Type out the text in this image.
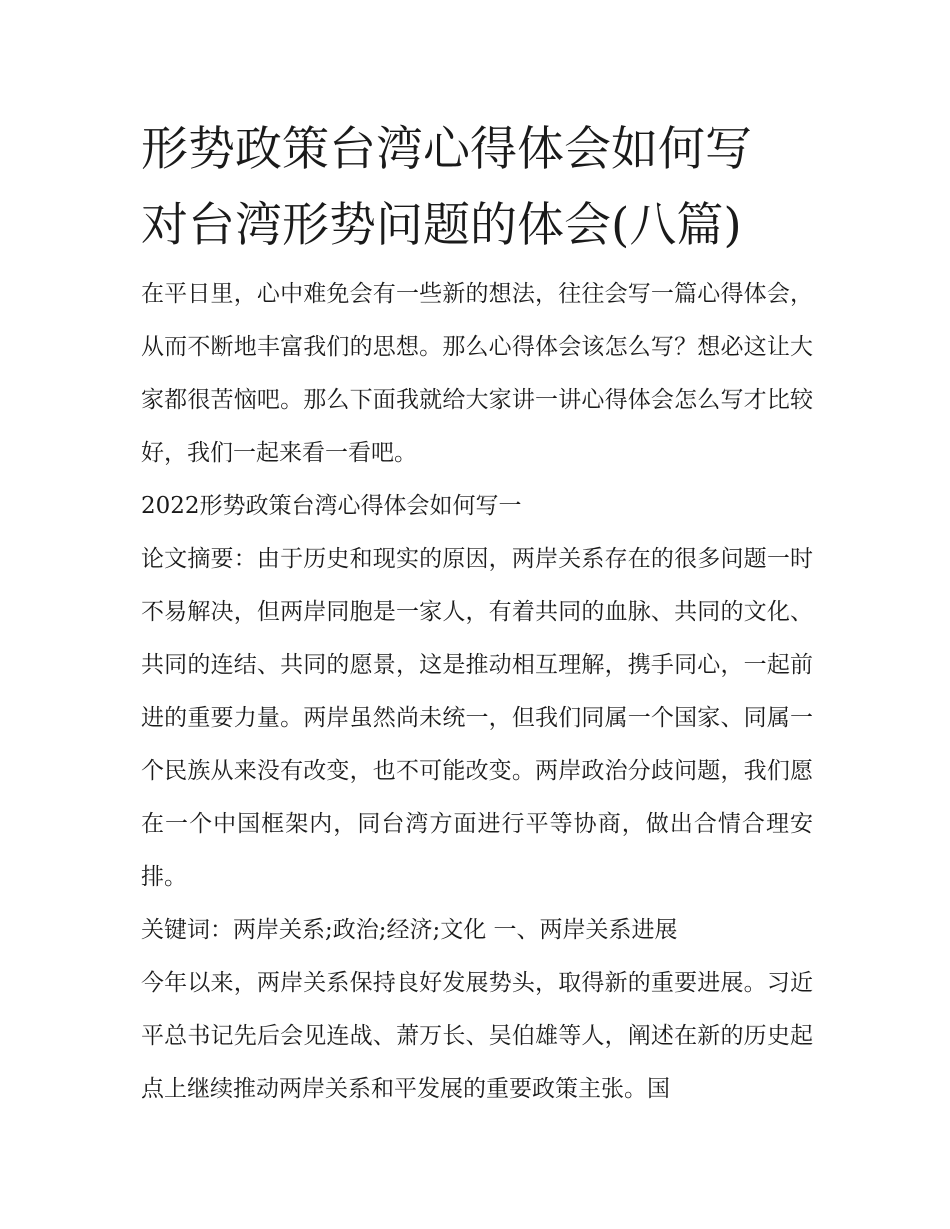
形势政策台湾心得体会如何写
对台湾形势问题的体会(八篇)

在平日里，心中难免会有一些新的想法，往往会写一篇心得体会，从而不断地丰富我们的思想。那么心得体会该怎么写？想必这让大家都很苦恼吧。那么下面我就给大家讲一讲心得体会怎么写才比较好，我们一起来看一看吧。

2022形势政策台湾心得体会如何写一

论文摘要：由于历史和现实的原因，两岸关系存在的很多问题一时不易解决，但两岸同胞是一家人，有着共同的血脉、共同的文化、共同的连结、共同的愿景，这是推动相互理解，携手同心，一起前进的重要力量。两岸虽然尚未统一，但我们同属一个国家、同属一个民族从来没有改变，也不可能改变。两岸政治分歧问题，我们愿在一个中国框架内，同台湾方面进行平等协商，做出合情合理安排。

关键词：两岸关系;政治;经济;文化 一、两岸关系进展

今年以来，两岸关系保持良好发展势头，取得新的重要进展。习近平总书记先后会见连战、萧万长、吴伯雄等人，阐述在新的历史起点上继续推动两岸关系和平发展的重要政策主张。国
